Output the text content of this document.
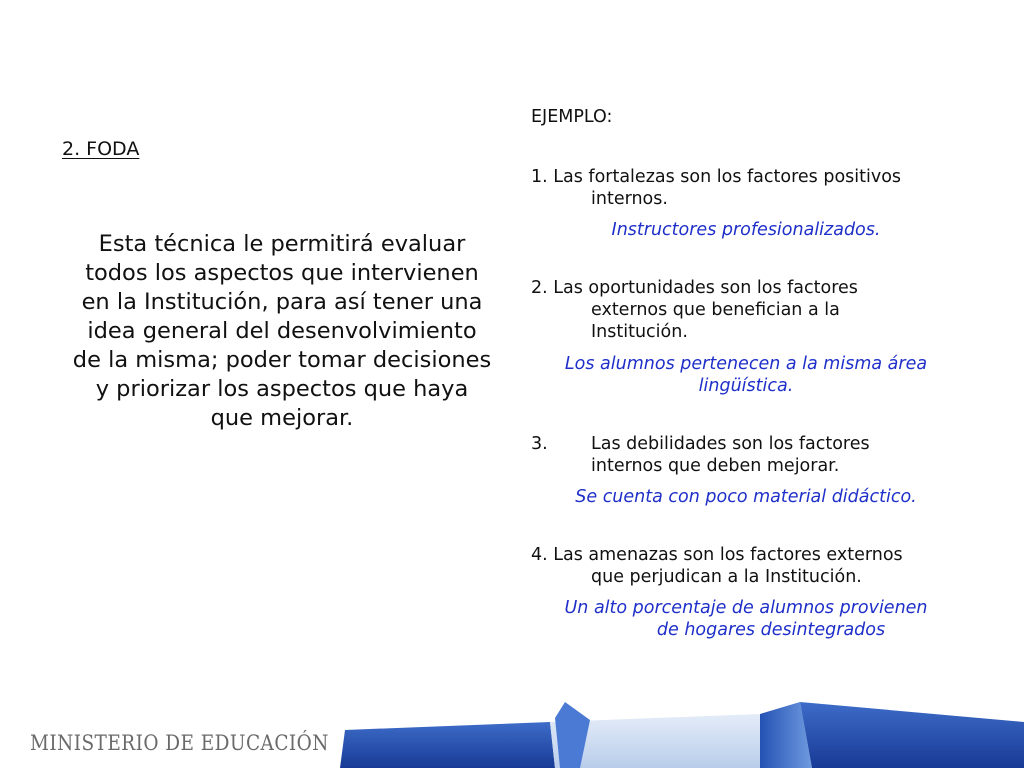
2. FODA
Esta técnica le permitirá evaluar todos los aspectos que intervienen en la Institución, para así tener una idea general del desenvolvimiento de la misma; poder tomar decisiones y priorizar los aspectos que haya que mejorar.
EJEMPLO:
1. Las fortalezas son los factores positivos
internos.
Instructores profesionalizados.
2. Las oportunidades son los factores
externos que benefician a la
Institución.
Los alumnos pertenecen a la misma área
lingüística.
3. Las debilidades son los factores
internos que deben mejorar.
Se cuenta con poco material didáctico.
4. Las amenazas son los factores externos
que perjudican a la Institución.
Un alto porcentaje de alumnos provienen
de hogares desintegrados
MINISTERIO DE EDUCACIÓN
